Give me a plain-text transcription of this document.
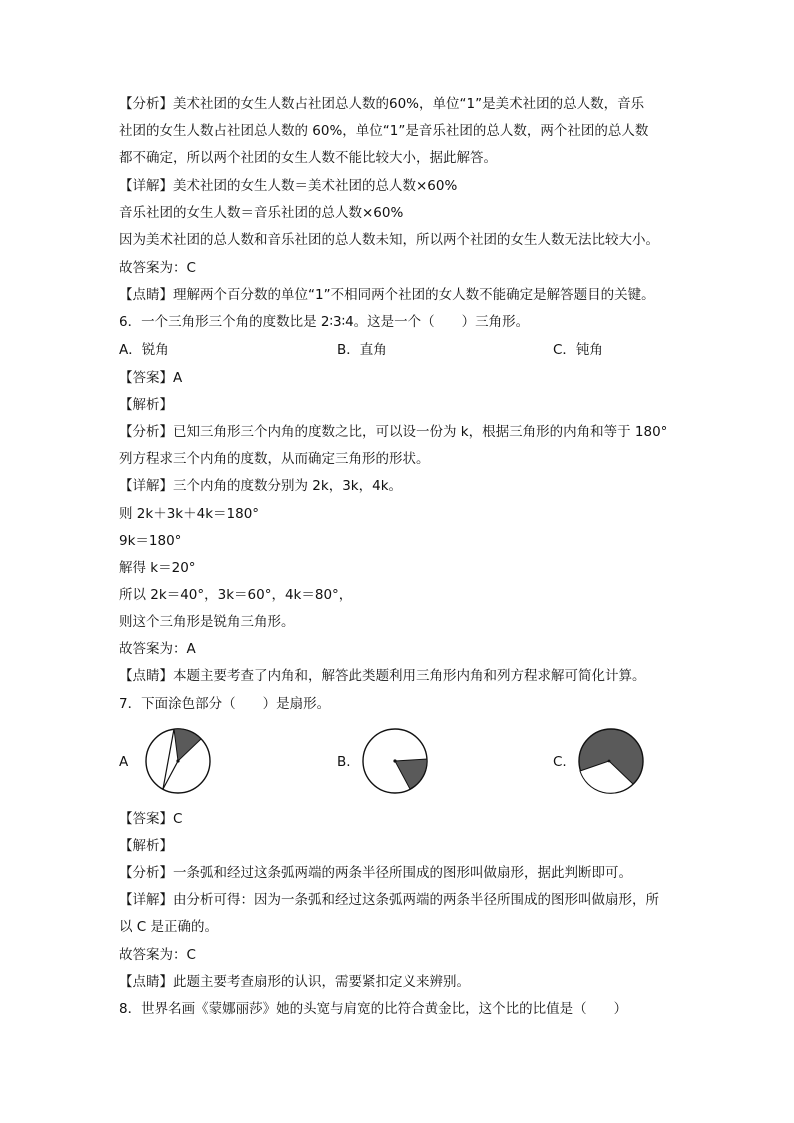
【分析】美术社团的女生人数占社团总人数的60%，单位“1”是美术社团的总人数，音乐
社团的女生人数占社团总人数的 60%，单位“1”是音乐社团的总人数，两个社团的总人数
都不确定，所以两个社团的女生人数不能比较大小，据此解答。
【详解】美术社团的女生人数＝美术社团的总人数×60%
音乐社团的女生人数＝音乐社团的总人数×60%
因为美术社团的总人数和音乐社团的总人数未知，所以两个社团的女生人数无法比较大小。
故答案为：C
【点睛】理解两个百分数的单位“1”不相同两个社团的女人数不能确定是解答题目的关键。
6．一个三角形三个角的度数比是 2∶3∶4。这是一个（　　）三角形。
A．锐角	B．直角	C．钝角
【答案】A
【解析】
【分析】已知三角形三个内角的度数之比，可以设一份为 k，根据三角形的内角和等于 180°
列方程求三个内角的度数，从而确定三角形的形状。
【详解】三个内角的度数分别为 2k，3k，4k。
则 2k＋3k＋4k＝180°
9k＝180°
解得 k＝20°
所以 2k＝40°，3k＝60°，4k＝80°，
则这个三角形是锐角三角形。
故答案为：A
【点睛】本题主要考查了内角和，解答此类题利用三角形内角和列方程求解可简化计算。
7．下面涂色部分（　　）是扇形。
A	B.	C.
【答案】C
【解析】
【分析】一条弧和经过这条弧两端的两条半径所围成的图形叫做扇形，据此判断即可。
【详解】由分析可得：因为一条弧和经过这条弧两端的两条半径所围成的图形叫做扇形，所
以 C 是正确的。
故答案为：C
【点睛】此题主要考查扇形的认识，需要紧扣定义来辨别。
8．世界名画《蒙娜丽莎》她的头宽与肩宽的比符合黄金比，这个比的比值是（　　）
